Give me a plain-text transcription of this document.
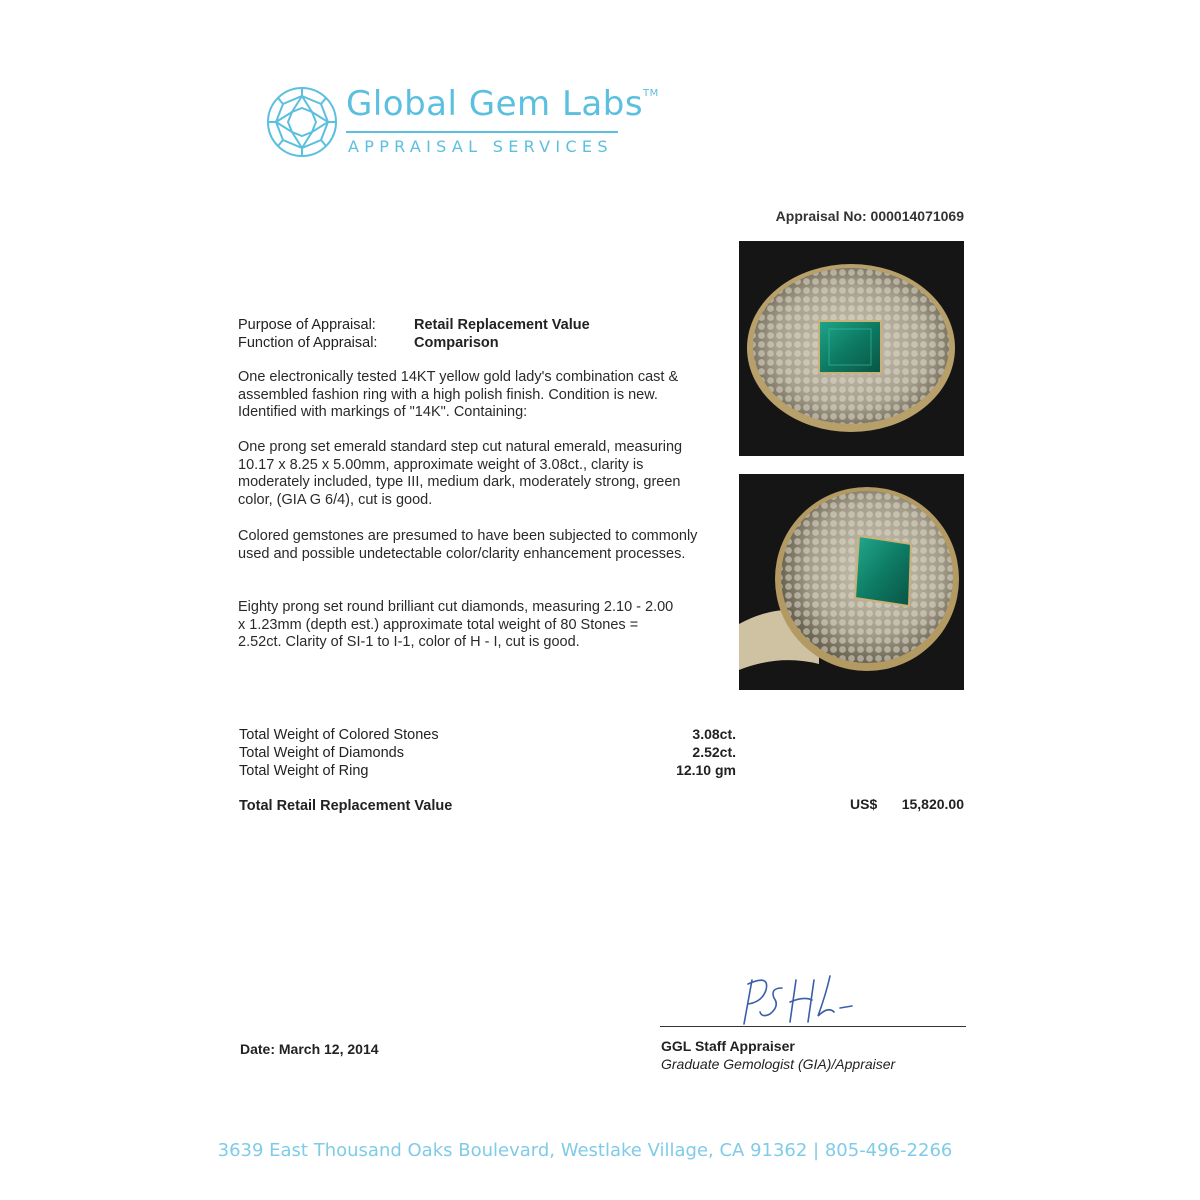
Global Gem Labs™
APPRAISAL SERVICES
Appraisal No: 000014071069
Purpose of Appraisal:	Retail Replacement Value
Function of Appraisal:	Comparison
One electronically tested 14KT yellow gold lady's combination cast & assembled fashion ring with a high polish finish. Condition is new. Identified with markings of "14K". Containing:
One prong set emerald standard step cut natural emerald, measuring 10.17 x 8.25 x 5.00mm, approximate weight of 3.08ct., clarity is moderately included, type III, medium dark, moderately strong, green color, (GIA G 6/4), cut is good.
Colored gemstones are presumed to have been subjected to commonly used and possible undetectable color/clarity enhancement processes.
Eighty prong set round brilliant cut diamonds, measuring 2.10 - 2.00 x 1.23mm (depth est.) approximate total weight of 80 Stones = 2.52ct. Clarity of SI-1 to I-1, color of H - I, cut is good.
Total Weight of Colored Stones	3.08ct.
Total Weight of Diamonds	2.52ct.
Total Weight of Ring	12.10 gm
Total Retail Replacement Value	US$ 15,820.00
Date: March 12, 2014	GGL Staff Appraiser
Graduate Gemologist (GIA)/Appraiser
3639 East Thousand Oaks Boulevard, Westlake Village, CA 91362 | 805-496-2266
